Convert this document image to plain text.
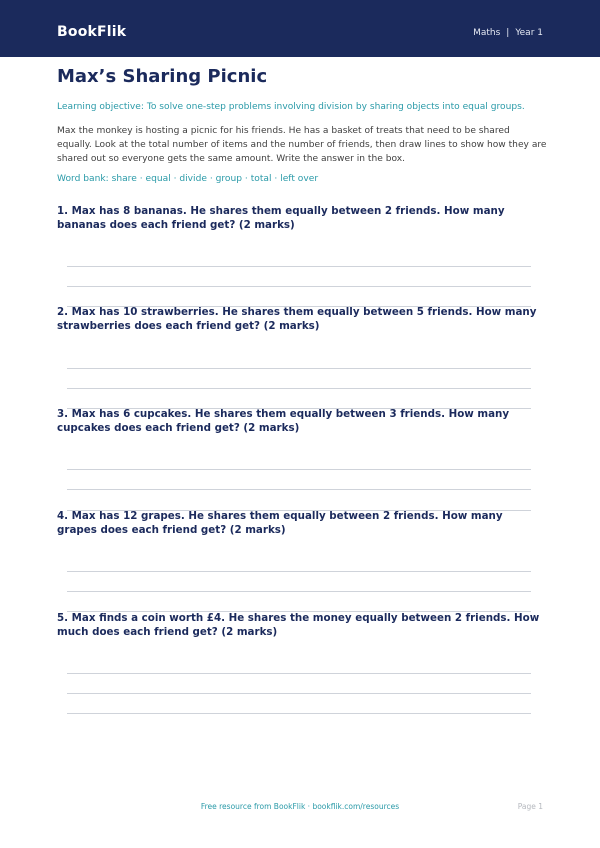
BookFlik	Maths | Year 1
Max’s Sharing Picnic
Learning objective: To solve one-step problems involving division by sharing objects into equal groups.
Max the monkey is hosting a picnic for his friends. He has a basket of treats that need to be shared equally. Look at the total number of items and the number of friends, then draw lines to show how they are shared out so everyone gets the same amount. Write the answer in the box.
Word bank: share · equal · divide · group · total · left over
1. Max has 8 bananas. He shares them equally between 2 friends. How many bananas does each friend get? (2 marks)
2. Max has 10 strawberries. He shares them equally between 5 friends. How many strawberries does each friend get? (2 marks)
3. Max has 6 cupcakes. He shares them equally between 3 friends. How many cupcakes does each friend get? (2 marks)
4. Max has 12 grapes. He shares them equally between 2 friends. How many grapes does each friend get? (2 marks)
5. Max finds a coin worth £4. He shares the money equally between 2 friends. How much does each friend get? (2 marks)
Free resource from BookFlik · bookflik.com/resources	Page 1
